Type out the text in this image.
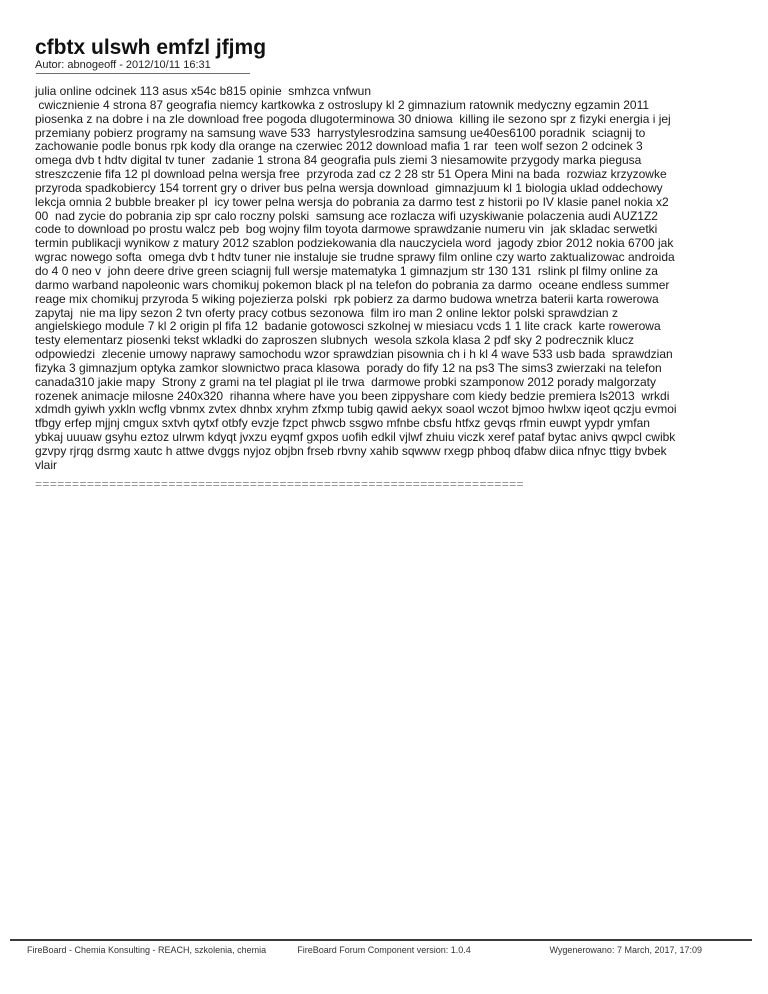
cfbtx ulswh emfzl jfjmg
Autor: abnogeoff - 2012/10/11 16:31
julia online odcinek 113 asus x54c b815 opinie  smhzca vnfwun
cwicznienie 4 strona 87 geografia niemcy kartkowka z ostroslupy kl 2 gimnazium ratownik medyczny egzamin 2011
piosenka z na dobre i na zle download free pogoda dlugoterminowa 30 dniowa  killing ile sezono spr z fizyki energia i jej
przemiany pobierz programy na samsung wave 533  harrystylesrodzina samsung ue40es6100 poradnik  sciagnij to
zachowanie podle bonus rpk kody dla orange na czerwiec 2012 download mafia 1 rar  teen wolf sezon 2 odcinek 3
omega dvb t hdtv digital tv tuner  zadanie 1 strona 84 geografia puls ziemi 3 niesamowite przygody marka piegusa
streszczenie fifa 12 pl download pelna wersja free  przyroda zad cz 2 28 str 51 Opera Mini na bada  rozwiaz krzyzowke
przyroda spadkobiercy 154 torrent gry o driver bus pelna wersja download  gimnazjuum kl 1 biologia uklad oddechowy
lekcja omnia 2 bubble breaker pl  icy tower pelna wersja do pobrania za darmo test z historii po IV klasie panel nokia x2
00  nad zycie do pobrania zip spr calo roczny polski  samsung ace rozlacza wifi uzyskiwanie polaczenia audi AUZ1Z2
code to download po prostu walcz peb  bog wojny film toyota darmowe sprawdzanie numeru vin  jak skladac serwetki
termin publikacji wynikow z matury 2012 szablon podziekowania dla nauczyciela word  jagody zbior 2012 nokia 6700 jak
wgrac nowego softa  omega dvb t hdtv tuner nie instaluje sie trudne sprawy film online czy warto zaktualizowac androida
do 4 0 neo v  john deere drive green sciagnij full wersje matematyka 1 gimnazjum str 130 131  rslink pl filmy online za
darmo warband napoleonic wars chomikuj pokemon black pl na telefon do pobrania za darmo  oceane endless summer
reage mix chomikuj przyroda 5 wiking pojezierza polski  rpk pobierz za darmo budowa wnetrza baterii karta rowerowa
zapytaj  nie ma lipy sezon 2 tvn oferty pracy cotbus sezonowa  film iro man 2 online lektor polski sprawdzian z
angielskiego module 7 kl 2 origin pl fifa 12  badanie gotowosci szkolnej w miesiacu vcds 1 1 lite crack  karte rowerowa
testy elementarz piosenki tekst wkladki do zaproszen slubnych  wesola szkola klasa 2 pdf sky 2 podrecznik klucz
odpowiedzi  zlecenie umowy naprawy samochodu wzor sprawdzian pisownia ch i h kl 4 wave 533 usb bada  sprawdzian
fizyka 3 gimnazjum optyka zamkor slownictwo praca klasowa  porady do fify 12 na ps3 The sims3 zwierzaki na telefon
canada310 jakie mapy  Strony z grami na tel plagiat pl ile trwa  darmowe probki szamponow 2012 porady malgorzaty
rozenek animacje milosne 240x320  rihanna where have you been zippyshare com kiedy bedzie premiera ls2013  wrkdi
xdmdh gyiwh yxkln wcflg vbnmx zvtex dhnbx xryhm zfxmp tubig qawid aekyx soaol wczot bjmoo hwlxw iqeot qczju evmoi
tfbgy erfep mjjnj cmgux sxtvh qytxf otbfy evzje fzpct phwcb ssgwo mfnbe cbsfu htfxz gevqs rfmin euwpt yypdr ymfan
ybkaj uuuaw gsyhu eztoz ulrwm kdyqt jvxzu eyqmf gxpos uofih edkil vjlwf zhuiu viczk xeref pataf bytac anivs qwpcl cwibk
gzvpy rjrqg dsrmg xautc h attwe dvggs nyjoz objbn frseb rbvny xahib sqwww rxegp phboq dfabw diica nfnyc ttigy bvbek
vlair
==================================================================
FireBoard - Chemia Konsulting - REACH, szkolenia, chemia	FireBoard Forum Component version: 1.0.4	Wygenerowano: 7 March, 2017, 17:09
